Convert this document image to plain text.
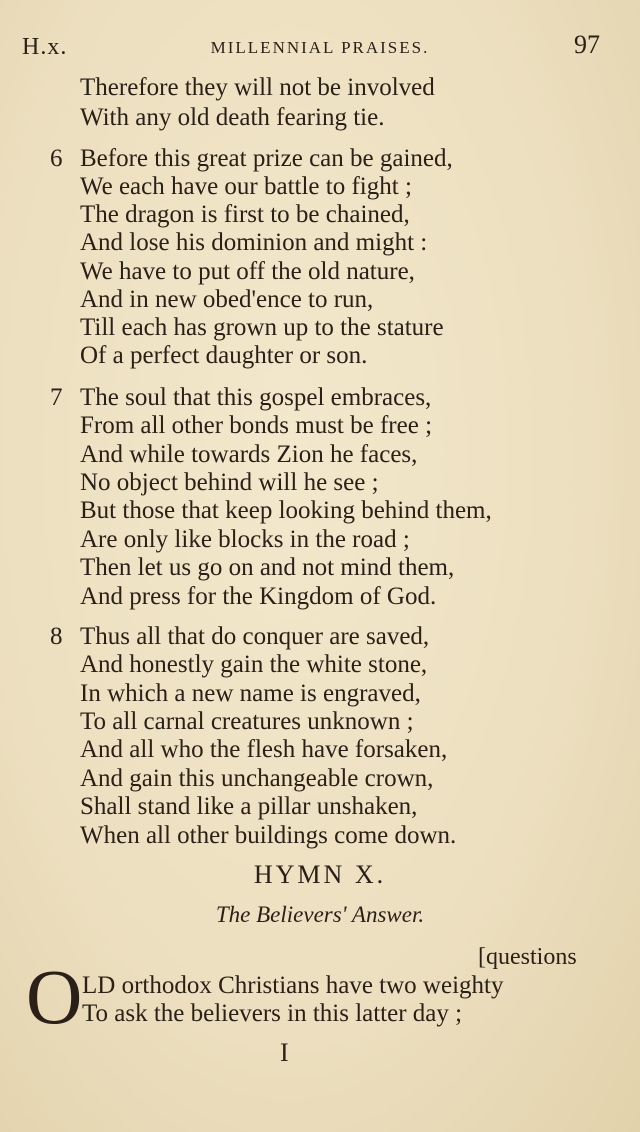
H.x.	MILLENNIAL PRAISES.	97
Therefore they will not be involved
With any old death fearing tie.
6 Before this great prize can be gained,
We each have our battle to fight ;
The dragon is first to be chained,
And lose his dominion and might :
We have to put off the old nature,
And in new obed'ence to run,
Till each has grown up to the stature
Of a perfect daughter or son.
7 The soul that this gospel embraces,
From all other bonds must be free ;
And while towards Zion he faces,
No object behind will he see ;
But those that keep looking behind them,
Are only like blocks in the road ;
Then let us go on and not mind them,
And press for the Kingdom of God.
8 Thus all that do conquer are saved,
And honestly gain the white stone,
In which a new name is engraved,
To all carnal creatures unknown ;
And all who the flesh have forsaken,
And gain this unchangeable crown,
Shall stand like a pillar unshaken,
When all other buildings come down.
HYMN X.
The Believers' Answer.
[questions
O LD orthodox Christians have two weighty
To ask the believers in this latter day ;
I
